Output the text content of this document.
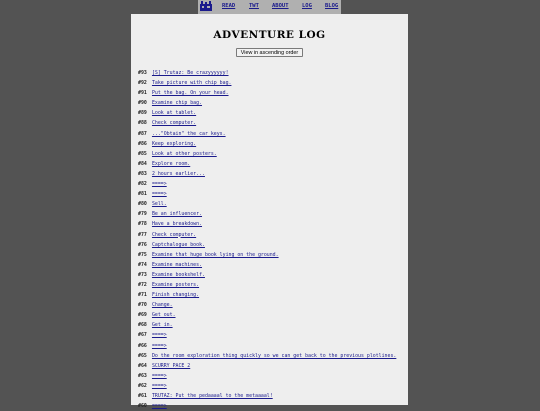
READ	TWT ABOUT LOG BLOG
ADVENTURE LOG
View in ascending order
#93 [S] Trutaz: Be crazyyyyyy!
#92 Take picture with chip bag.
#91 Put the bag. On your head.
#90 Examine chip bag.
#89 Look at tablet.
#88 Check computer.
#87 ..."Obtain" the car keys.
#86 Keep exploring.
#85 Look at other posters.
#84 Explore room.
#83 2 hours earlier...
#82 ====>
#81 ====>
#80 Sell.
#79 Be an influencer.
#78 Have a breakdown.
#77 Check computer.
#76 Captchalogue book.
#75 Examine that huge book lying on the ground.
#74 Examine machines.
#73 Examine bookshelf.
#72 Examine posters.
#71 Finish changing.
#70 Change.
#69 Get out.
#68 Get in.
#67 ====>
#66 ====>
#65 Do the room exploration thing quickly so we can get back to the previous plotlines.
#64 SCURRY PACE 2
#63 ====>
#62 ====>
#61 TRUTAZ: Put the pedaaaal to the metaaaal!
#60 ====>
